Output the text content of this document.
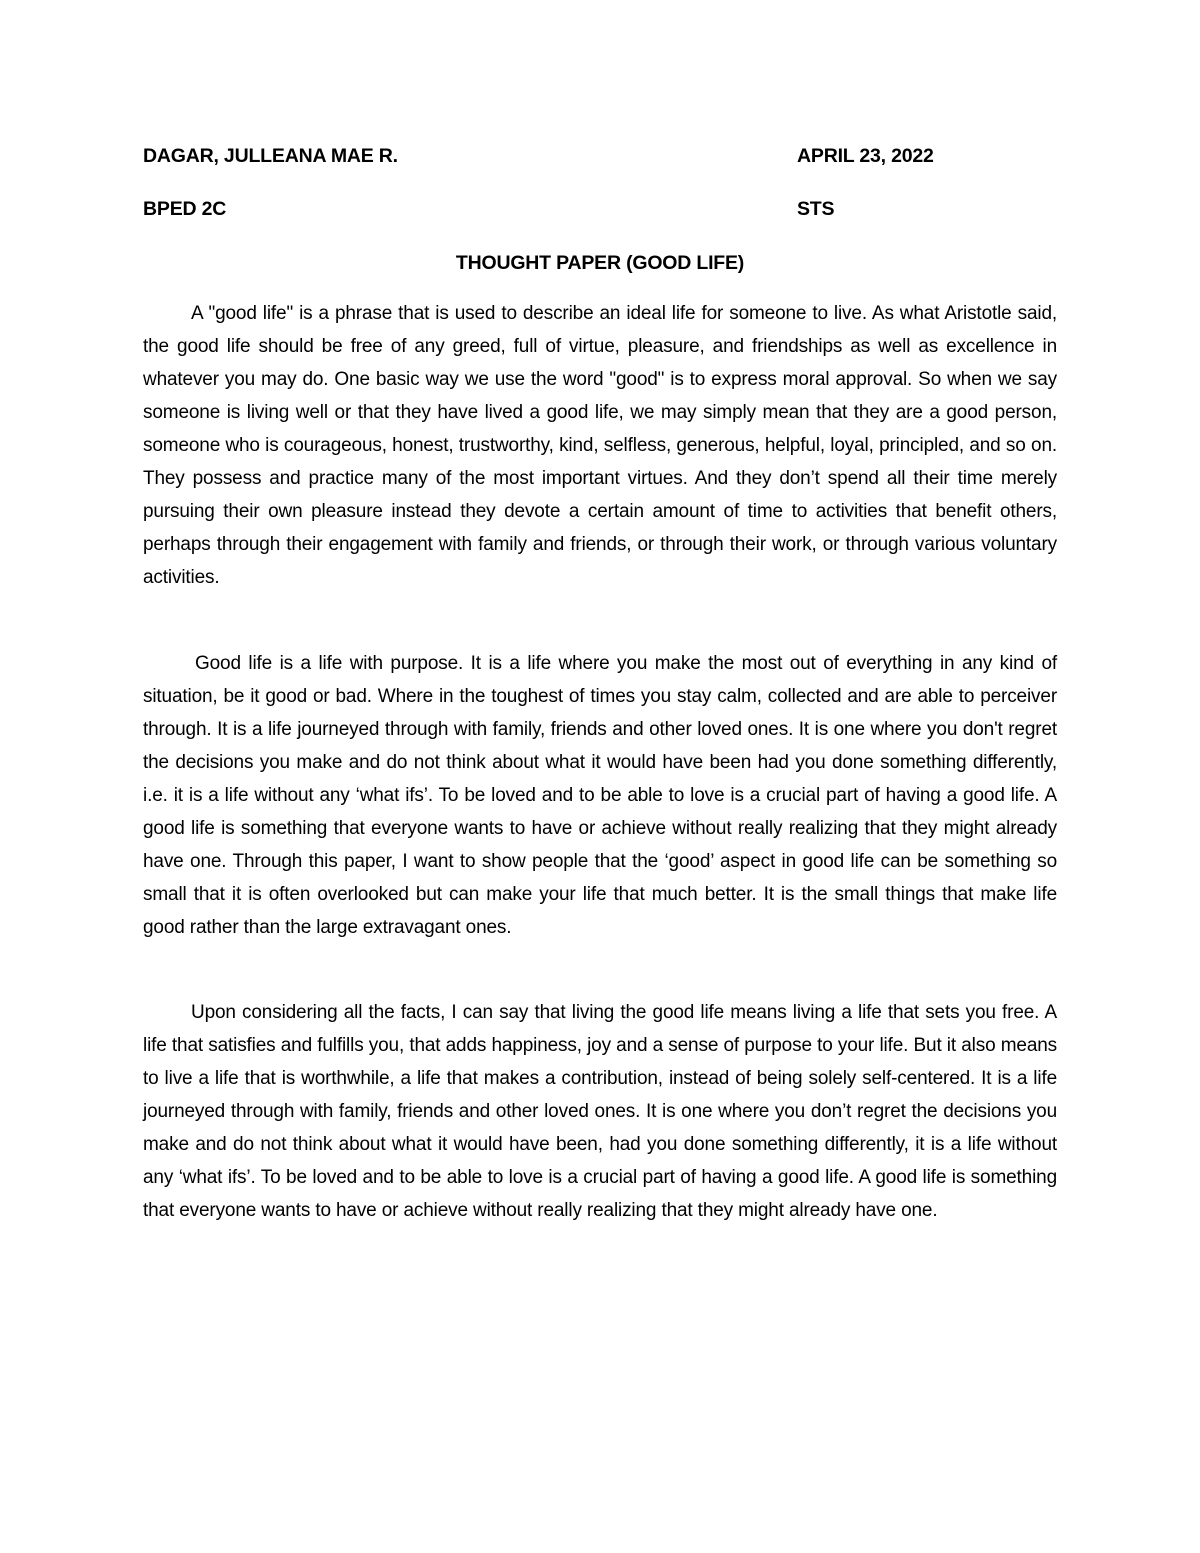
DAGAR, JULLEANA MAE R.	APRIL 23, 2022
BPED 2C	STS
THOUGHT PAPER (GOOD LIFE)

A "good life" is a phrase that is used to describe an ideal life for someone to live. As what Aristotle said, the good life should be free of any greed, full of virtue, pleasure, and friendships as well as excellence in whatever you may do. One basic way we use the word "good" is to express moral approval. So when we say someone is living well or that they have lived a good life, we may simply mean that they are a good person, someone who is courageous, honest, trustworthy, kind, selfless, generous, helpful, loyal, principled, and so on. They possess and practice many of the most important virtues. And they don’t spend all their time merely pursuing their own pleasure instead they devote a certain amount of time to activities that benefit others, perhaps through their engagement with family and friends, or through their work, or through various voluntary activities.

Good life is a life with purpose. It is a life where you make the most out of everything in any kind of situation, be it good or bad. Where in the toughest of times you stay calm, collected and are able to perceiver through. It is a life journeyed through with family, friends and other loved ones. It is one where you don't regret the decisions you make and do not think about what it would have been had you done something differently, i.e. it is a life without any ‘what ifs’. To be loved and to be able to love is a crucial part of having a good life. A good life is something that everyone wants to have or achieve without really realizing that they might already have one. Through this paper, I want to show people that the ‘good’ aspect in good life can be something so small that it is often overlooked but can make your life that much better. It is the small things that make life good rather than the large extravagant ones.

Upon considering all the facts, I can say that living the good life means living a life that sets you free. A life that satisfies and fulfills you, that adds happiness, joy and a sense of purpose to your life. But it also means to live a life that is worthwhile, a life that makes a contribution, instead of being solely self-centered. It is a life journeyed through with family, friends and other loved ones. It is one where you don’t regret the decisions you make and do not think about what it would have been, had you done something differently, it is a life without any ‘what ifs’. To be loved and to be able to love is a crucial part of having a good life. A good life is something that everyone wants to have or achieve without really realizing that they might already have one.
